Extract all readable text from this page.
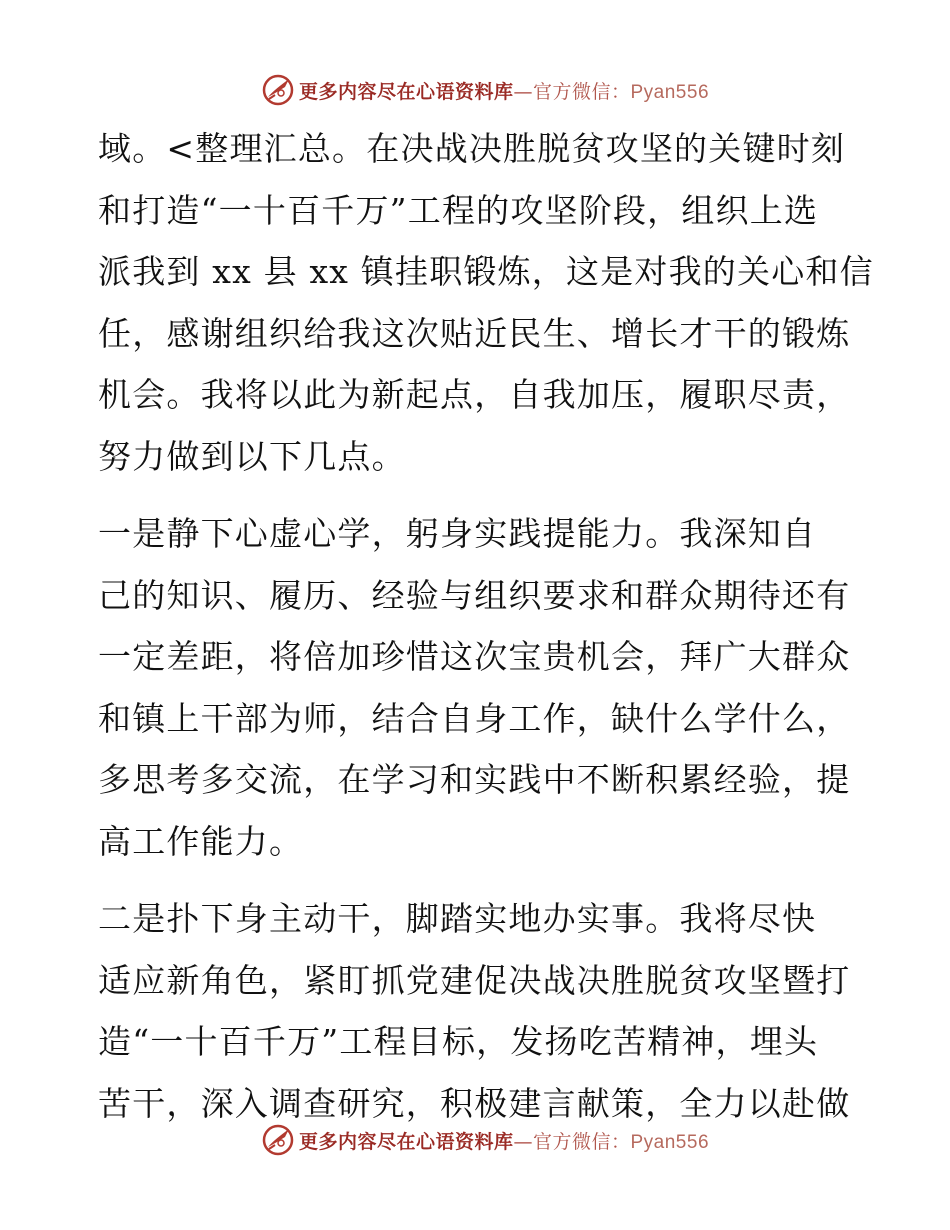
更多内容尽在心语资料库—官方微信：Pyan556
域。<整理汇总。在决战决胜脱贫攻坚的关键时刻
和打造“一十百千万”工程的攻坚阶段，组织上选
派我到 xx 县 xx 镇挂职锻炼，这是对我的关心和信
任，感谢组织给我这次贴近民生、增长才干的锻炼
机会。我将以此为新起点，自我加压，履职尽责，
努力做到以下几点。
一是静下心虚心学，躬身实践提能力。我深知自
己的知识、履历、经验与组织要求和群众期待还有
一定差距，将倍加珍惜这次宝贵机会，拜广大群众
和镇上干部为师，结合自身工作，缺什么学什么，
多思考多交流，在学习和实践中不断积累经验，提
高工作能力。
二是扑下身主动干，脚踏实地办实事。我将尽快
适应新角色，紧盯抓党建促决战决胜脱贫攻坚暨打
造“一十百千万”工程目标，发扬吃苦精神，埋头
苦干，深入调查研究，积极建言献策，全力以赴做
更多内容尽在心语资料库—官方微信：Pyan556
